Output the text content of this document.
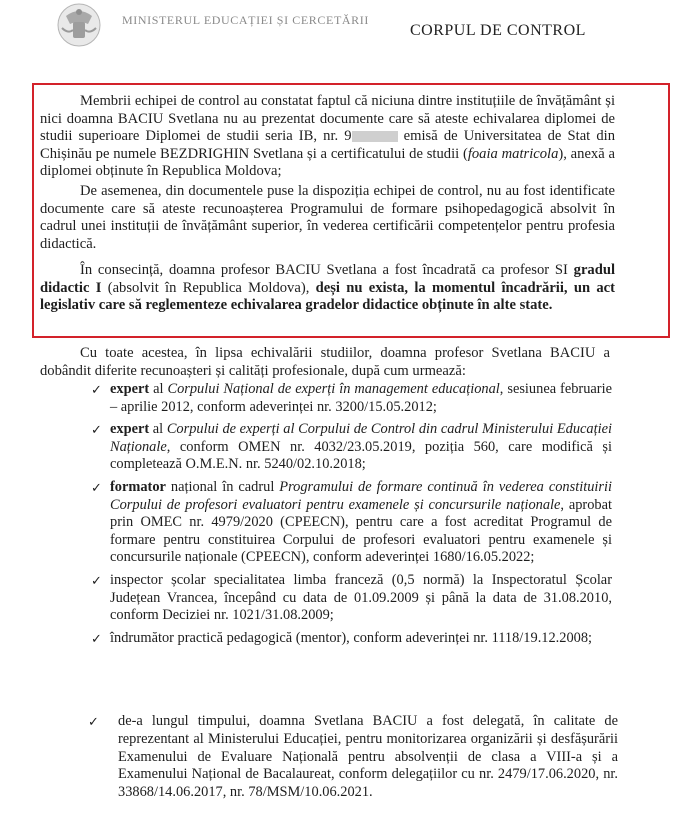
MINISTERUL EDUCAȚIEI ȘI CERCETĂRII
CORPUL DE CONTROL
Membrii echipei de control au constatat faptul că niciuna dintre instituțiile de învățământ și nici doamna BACIU Svetlana nu au prezentat documente care să ateste echivalarea diplomei de studii superioare Diplomei de studii seria IB, nr. 9	emisă de Universitatea de Stat din Chișinău pe numele BEZDRIGHIN Svetlana și a certificatului de studii (foaia matricola), anexă a diplomei obținute în Republica Moldova;
De asemenea, din documentele puse la dispoziția echipei de control, nu au fost identificate documente care să ateste recunoașterea Programului de formare psihopedagogică absolvit în cadrul unei instituții de învățământ superior, în vederea certificării competențelor pentru profesia didactică.
În consecință, doamna profesor BACIU Svetlana a fost încadrată ca profesor SI gradul didactic I (absolvit în Republica Moldova), deși nu exista, la momentul încadrării, un act legislativ care să reglementeze echivalarea gradelor didactice obținute în alte state.
Cu toate acestea, în lipsa echivalării studiilor, doamna profesor Svetlana BACIU a dobândit diferite recunoașteri și calități profesionale, după cum urmează:
✓ expert al Corpului Național de experți în management educațional, sesiunea februarie – aprilie 2012, conform adeverinței nr. 3200/15.05.2012;
✓ expert al Corpului de experți al Corpului de Control din cadrul Ministerului Educației Naționale, conform OMEN nr. 4032/23.05.2019, poziția 560, care modifică și completează O.M.E.N. nr. 5240/02.10.2018;
✓ formator național în cadrul Programului de formare continuă în vederea constituirii Corpului de profesori evaluatori pentru examenele și concursurile naționale, aprobat prin OMEC nr. 4979/2020 (CPEECN), pentru care a fost acreditat Programul de formare pentru constituirea Corpului de profesori evaluatori pentru examenele și concursurile naționale (CPEECN), conform adeverinței 1680/16.05.2022;
✓ inspector școlar specialitatea limba franceză (0,5 normă) la Inspectoratul Școlar Județean Vrancea, începând cu data de 01.09.2009 și până la data de 31.08.2010, conform Deciziei nr. 1021/31.08.2009;
✓ îndrumător practică pedagogică (mentor), conform adeverinței nr. 1118/19.12.2008;
✓	de-a lungul timpului, doamna Svetlana BACIU a fost delegată, în calitate de reprezentant al Ministerului Educației, pentru monitorizarea organizării și desfășurării Examenului de Evaluare Națională pentru absolvenții de clasa a VIII-a și a Examenului Național de Bacalaureat, conform delegațiilor cu nr. 2479/17.06.2020, nr. 33868/14.06.2017, nr. 78/MSM/10.06.2021.
